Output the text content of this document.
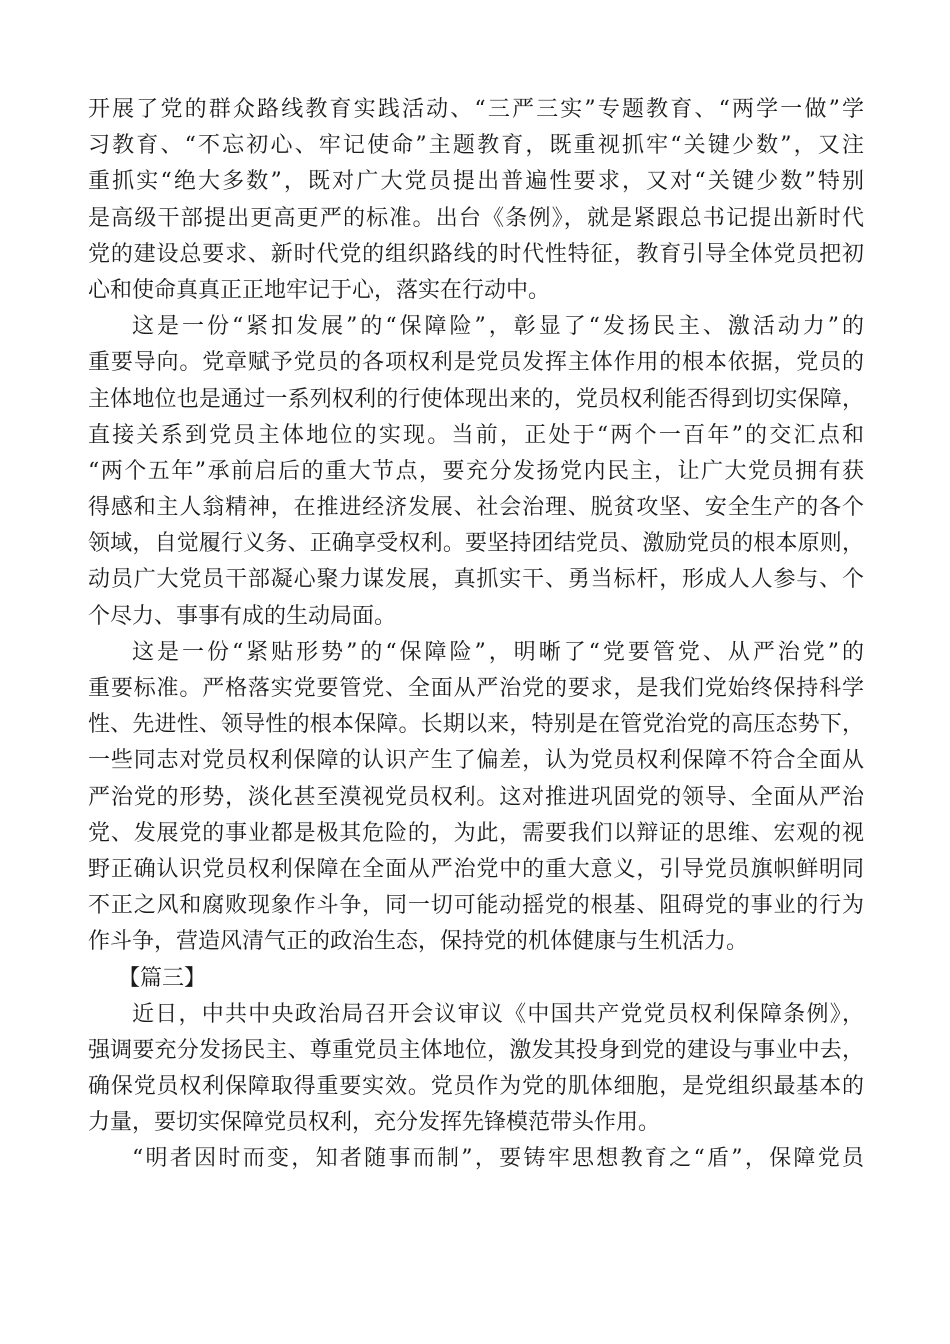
开展了党的群众路线教育实践活动、“三严三实”专题教育、“两学一做”学
习教育、“不忘初心、牢记使命”主题教育，既重视抓牢“关键少数”，又注
重抓实“绝大多数”，既对广大党员提出普遍性要求，又对“关键少数”特别
是高级干部提出更高更严的标准。出台《条例》，就是紧跟总书记提出新时代
党的建设总要求、新时代党的组织路线的时代性特征，教育引导全体党员把初
心和使命真真正正地牢记于心，落实在行动中。
这是一份“紧扣发展”的“保障险”，彰显了“发扬民主、激活动力”的
重要导向。党章赋予党员的各项权利是党员发挥主体作用的根本依据，党员的
主体地位也是通过一系列权利的行使体现出来的，党员权利能否得到切实保障，
直接关系到党员主体地位的实现。当前，正处于“两个一百年”的交汇点和
“两个五年”承前启后的重大节点，要充分发扬党内民主，让广大党员拥有获
得感和主人翁精神，在推进经济发展、社会治理、脱贫攻坚、安全生产的各个
领域，自觉履行义务、正确享受权利。要坚持团结党员、激励党员的根本原则，
动员广大党员干部凝心聚力谋发展，真抓实干、勇当标杆，形成人人参与、个
个尽力、事事有成的生动局面。
这是一份“紧贴形势”的“保障险”，明晰了“党要管党、从严治党”的
重要标准。严格落实党要管党、全面从严治党的要求，是我们党始终保持科学
性、先进性、领导性的根本保障。长期以来，特别是在管党治党的高压态势下，
一些同志对党员权利保障的认识产生了偏差，认为党员权利保障不符合全面从
严治党的形势，淡化甚至漠视党员权利。这对推进巩固党的领导、全面从严治
党、发展党的事业都是极其危险的，为此，需要我们以辩证的思维、宏观的视
野正确认识党员权利保障在全面从严治党中的重大意义，引导党员旗帜鲜明同
不正之风和腐败现象作斗争，同一切可能动摇党的根基、阻碍党的事业的行为
作斗争，营造风清气正的政治生态，保持党的机体健康与生机活力。
【篇三】
近日，中共中央政治局召开会议审议《中国共产党党员权利保障条例》，
强调要充分发扬民主、尊重党员主体地位，激发其投身到党的建设与事业中去，
确保党员权利保障取得重要实效。党员作为党的肌体细胞，是党组织最基本的
力量，要切实保障党员权利，充分发挥先锋模范带头作用。
“明者因时而变，知者随事而制”，要铸牢思想教育之“盾”，保障党员
